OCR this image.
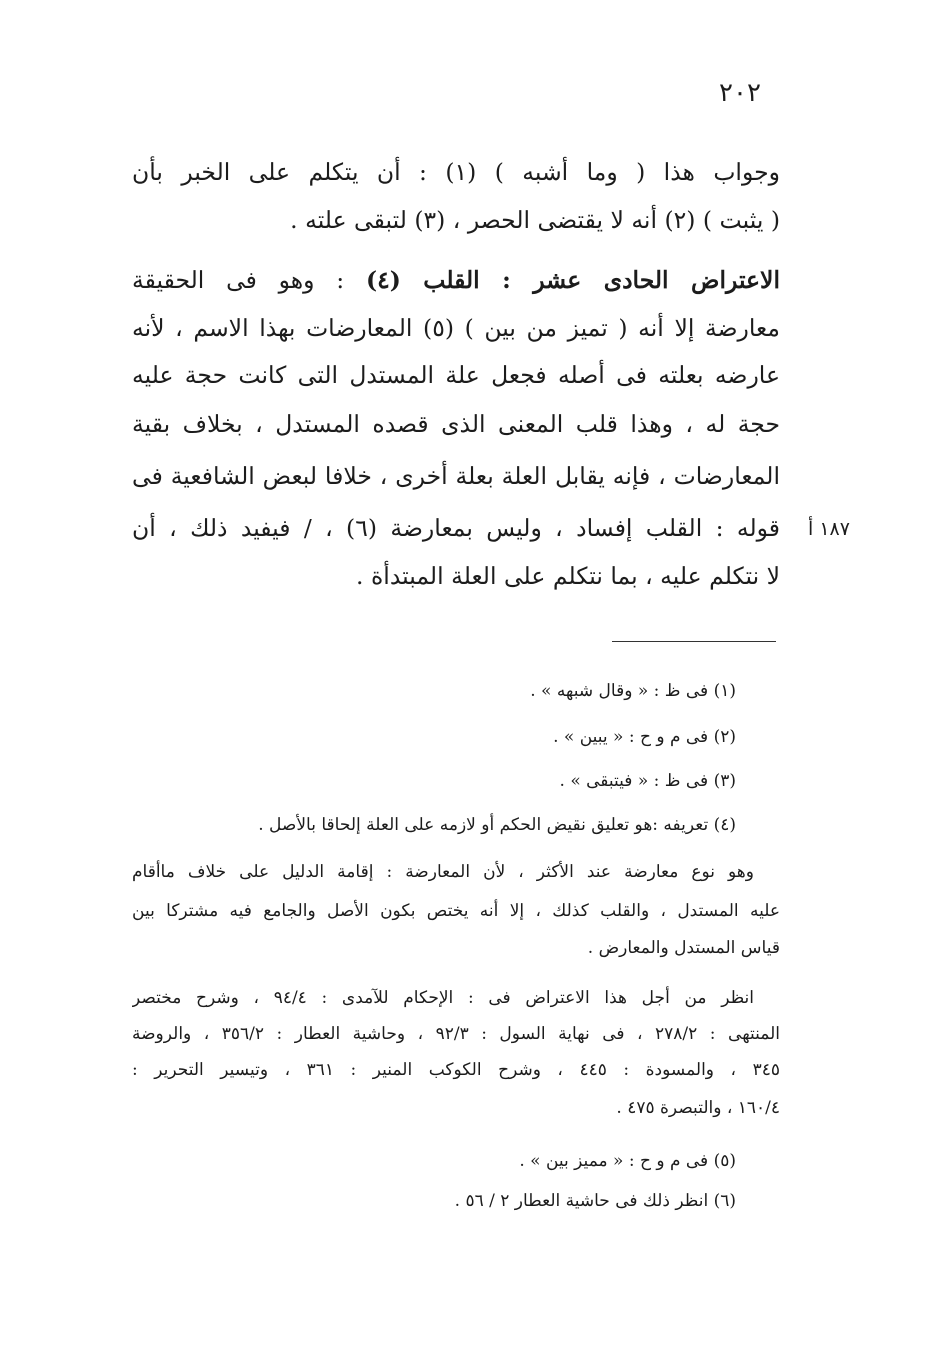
٢٠٢
وجواب هذا ( وما أشبه ) (١) : أن يتكلم على الخبر بأن
( يثبت ) (٢) أنه لا يقتضى الحصر ، (٣) لتبقى علته .
الاعتراض الحادى عشر : القلب (٤) : وهو فى الحقيقة
معارضة إلا أنه ( تميز من بين ) (٥) المعارضات بهذا الاسم ، لأنه
عارضه بعلته فى أصله فجعل علة المستدل التى كانت حجة عليه
حجة له ، وهذا قلب المعنى الذى قصده المستدل ، بخلاف بقية
المعارضات ، فإنه يقابل العلة بعلة أخرى ، خلافا لبعض الشافعية فى
قوله : القلب إفساد ، وليس بمعارضة (٦) ، / فيفيد ذلك ، أن
لا نتكلم عليه ، بما نتكلم على العلة المبتدأة .
١٨٧ أ
(١) فى ظ : « وقال شبهه » .
(٢) فى م و ح : « يبين » .
(٣) فى ظ : « فيتبقى » .
(٤) تعريفه :هو تعليق نقيض الحكم أو لازمه على العلة إلحاقا بالأصل .
وهو نوع معارضة عند الأكثر ، لأن المعارضة : إقامة الدليل على خلاف ماأقام
عليه المستدل ، والقلب كذلك ، إلا أنه يختص بكون الأصل والجامع فيه مشتركا بين
قياس المستدل والمعارض .
انظر من أجل هذا الاعتراض فى : الإحكام للآمدى : ٩٤/٤ ، وشرح مختصر
المنتهى : ٢٧٨/٢ ، فى نهاية السول : ٩٢/٣ ، وحاشية العطار : ٣٥٦/٢ ، والروضة
٣٤٥ ، والمسودة : ٤٤٥ ، وشرح الكوكب المنير : ٣٦١ ، وتيسير التحرير :
١٦٠/٤ ، والتبصرة ٤٧٥ .
(٥) فى م و ح : « مميز بين » .
(٦) انظر ذلك فى حاشية العطار ٢ / ٥٦ .
